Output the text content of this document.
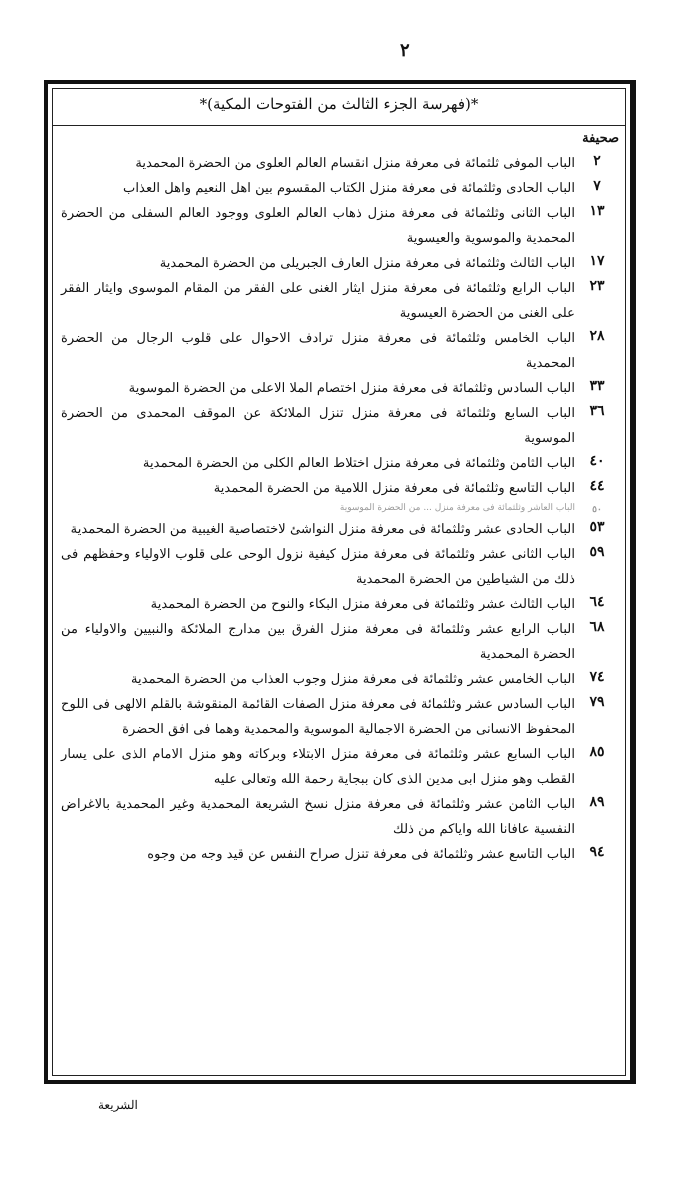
٢
*(فهرسة الجزء الثالث من الفتوحات المكية)*
صحيفة
٢
الباب الموفى ثلثمائة فى معرفة منزل انقسام العالم العلوى من الحضرة المحمدية
٧
الباب الحادى وثلثمائة فى معرفة منزل الكتاب المقسوم بين اهل النعيم واهل العذاب
١٣
الباب الثانى وثلثمائة فى معرفة منزل ذهاب العالم العلوى ووجود العالم السفلى من الحضرة المحمدية والموسوية والعيسوية
١٧
الباب الثالث وثلثمائة فى معرفة منزل العارف الجبريلى من الحضرة المحمدية
٢٣
الباب الرابع وثلثمائة فى معرفة منزل ايثار الغنى على الفقر من المقام الموسوى وايثار الفقر على الغنى من الحضرة العيسوية
٢٨
الباب الخامس وثلثمائة فى معرفة منزل ترادف الاحوال على قلوب الرجال من الحضرة المحمدية
٣٣
الباب السادس وثلثمائة فى معرفة منزل اختصام الملا الاعلى من الحضرة الموسوية
٣٦
الباب السابع وثلثمائة فى معرفة منزل تنزل الملائكة عن الموقف المحمدى من الحضرة الموسوية
٤٠
الباب الثامن وثلثمائة فى معرفة منزل اختلاط العالم الكلى من الحضرة المحمدية
٤٤
الباب التاسع وثلثمائة فى معرفة منزل اللامية من الحضرة المحمدية
٥٠
الباب العاشر وثلثمائة فى معرفة منزل ... من الحضرة الموسوية
٥٣
الباب الحادى عشر وثلثمائة فى معرفة منزل النواشئ لاختصاصية الغيبية من الحضرة المحمدية
٥٩
الباب الثانى عشر وثلثمائة فى معرفة منزل كيفية نزول الوحى على قلوب الاولياء وحفظهم فى ذلك من الشياطين من الحضرة المحمدية
٦٤
الباب الثالث عشر وثلثمائة فى معرفة منزل البكاء والنوح من الحضرة المحمدية
٦٨
الباب الرابع عشر وثلثمائة فى معرفة منزل الفرق بين مدارج الملائكة والنبيين والاولياء من الحضرة المحمدية
٧٤
الباب الخامس عشر وثلثمائة فى معرفة منزل وجوب العذاب من الحضرة المحمدية
٧٩
الباب السادس عشر وثلثمائة فى معرفة منزل الصفات القائمة المنقوشة بالقلم الالهى فى اللوح المحفوظ الانسانى من الحضرة الاجمالية الموسوية والمحمدية وهما فى افق الحضرة
٨٥
الباب السابع عشر وثلثمائة فى معرفة منزل الابتلاء وبركاته وهو منزل الامام الذى على يسار القطب وهو منزل ابى مدين الذى كان ببجاية رحمة الله وتعالى عليه
٨٩
الباب الثامن عشر وثلثمائة فى معرفة منزل نسخ الشريعة المحمدية وغير المحمدية بالاغراض النفسية عافانا الله واياكم من ذلك
٩٤
الباب التاسع عشر وثلثمائة فى معرفة تنزل صراح النفس عن قيد وجه من وجوه
الشريعة
